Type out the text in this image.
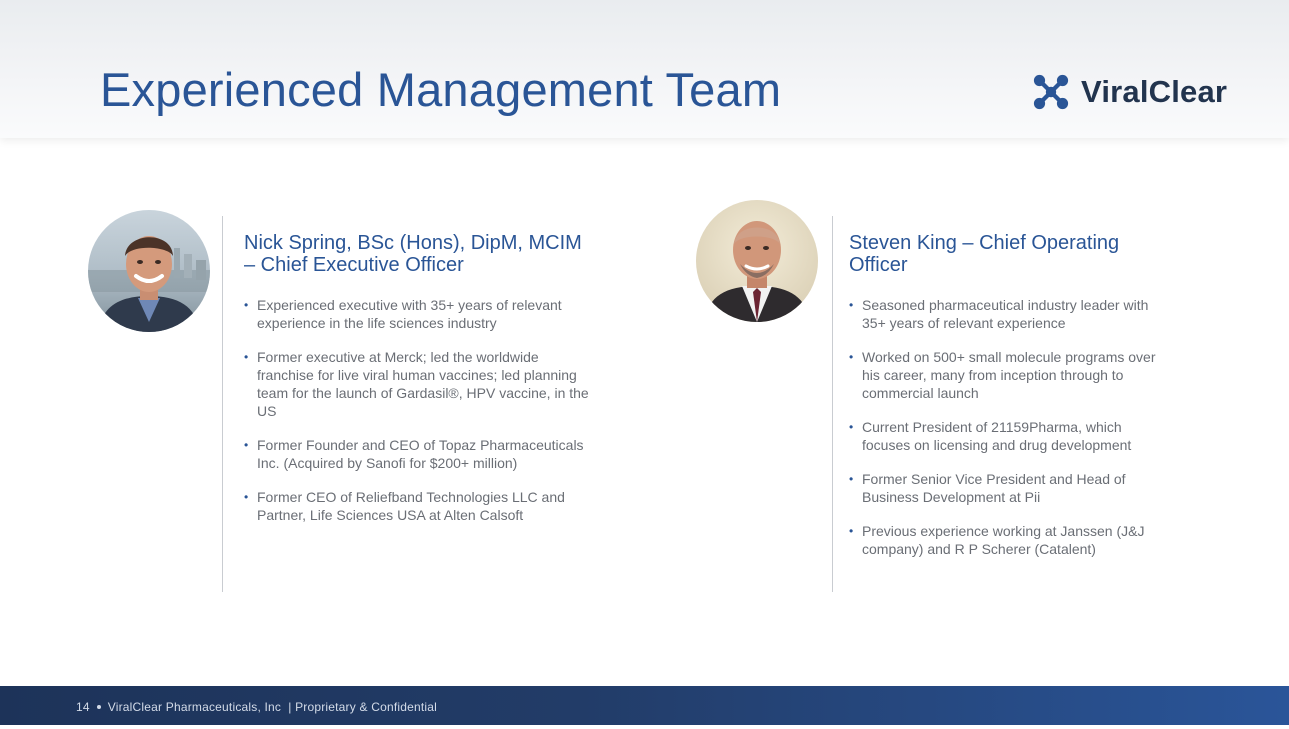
Experienced Management Team	ViralClear
Nick Spring, BSc (Hons), DipM, MCIM – Chief Executive Officer
• Experienced executive with 35+ years of relevant experience in the life sciences industry
• Former executive at Merck; led the worldwide franchise for live viral human vaccines; led planning team for the launch of Gardasil®, HPV vaccine, in the US
• Former Founder and CEO of Topaz Pharmaceuticals Inc. (Acquired by Sanofi for $200+ million)
• Former CEO of Reliefband Technologies LLC and Partner, Life Sciences USA at Alten Calsoft
Steven King – Chief Operating Officer
• Seasoned pharmaceutical industry leader with 35+ years of relevant experience
• Worked on 500+ small molecule programs over his career, many from inception through to commercial launch
• Current President of 21159Pharma, which focuses on licensing and drug development
• Former Senior Vice President and Head of Business Development at Pii
• Previous experience working at Janssen (J&J company) and R P Scherer (Catalent)
14 ViralClear Pharmaceuticals, Inc | Proprietary & Confidential
